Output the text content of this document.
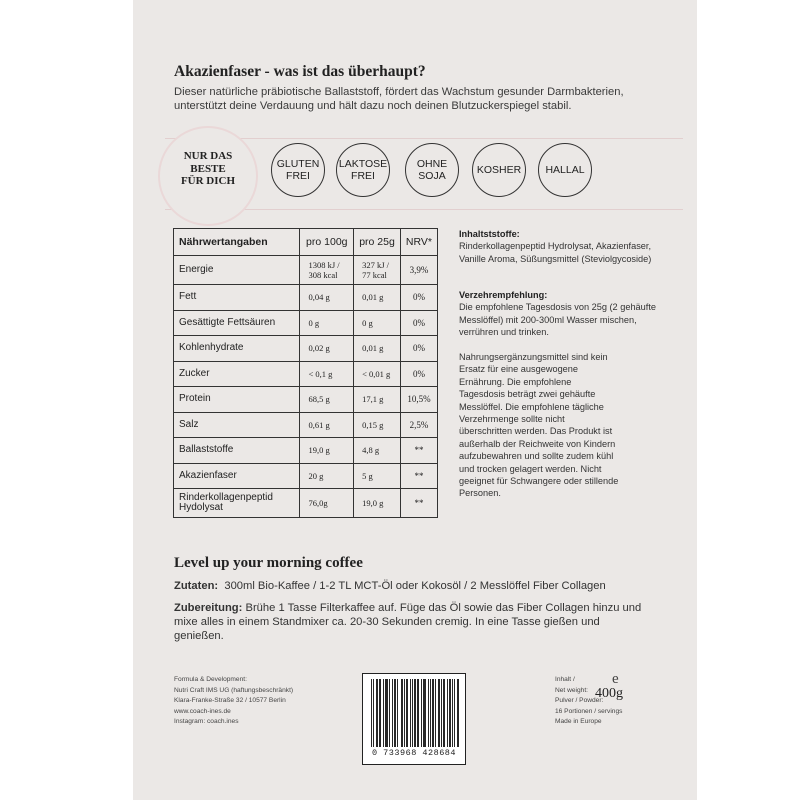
Akazienfaser - was ist das überhaupt?
Dieser natürliche präbiotische Ballaststoff, fördert das Wachstum gesunder Darmbakterien, unterstützt deine Verdauung und hält dazu noch deinen Blutzuckerspiegel stabil.
NUR DAS
BESTE
FÜR DICH
GLUTEN
FREI
LAKTOSE
FREI
OHNE
SOJA	KOSHER HALLAL
Nährwertangaben	pro 100g	pro 25g	NRV*
Energie	1308 kJ / 308 kcal	327 kJ / 77 kcal	3,9%
Fett	0,04 g	0,01 g	0%
Gesättigte Fettsäuren	0 g	0 g	0%
Kohlenhydrate	0,02 g	0,01 g	0%
Zucker	< 0,1 g	< 0,01 g	0%
Protein	68,5 g	17,1 g	10,5%
Salz	0,61 g	0,15 g	2,5%
Ballaststoffe	19,0 g	4,8 g	**
Akazienfaser	20 g	5 g	**
Rinderkollagenpeptid Hydolysat	76,0g	19,0 g	**
Inhaltststoffe:
Rinderkollagenpeptid Hydrolysat, Akazienfaser, Vanille Aroma, Süßungsmittel (Steviolgycoside)
Verzehrempfehlung:
Die empfohlene Tagesdosis von 25g (2 gehäufte Messlöffel) mit 200-300ml Wasser mischen, verrühren und trinken.
Nahrungsergänzungsmittel sind kein Ersatz für eine ausgewogene Ernährung. Die empfohlene Tagesdosis beträgt zwei gehäufte Messlöffel. Die empfohlene tägliche Verzehrmenge sollte nicht überschritten werden. Das Produkt ist außerhalb der Reichweite von Kindern aufzubewahren und sollte zudem kühl und trocken gelagert werden. Nicht geeignet für Schwangere oder stillende Personen.
Level up your morning coffee
Zutaten: 300ml Bio-Kaffee / 1-2 TL MCT-Öl oder Kokosöl / 2 Messlöffel Fiber Collagen
Zubereitung: Brühe 1 Tasse Filterkaffee auf. Füge das Öl sowie das Fiber Collagen hinzu und mixe alles in einem Standmixer ca. 20-30 Sekunden cremig. In eine Tasse gießen und genießen.
Formula & Development:
Nutri Craft IMS UG (haftungsbeschränkt)
Klara-Franke-Straße 32 / 10577 Berlin
www.coach-ines.de
Instagram: coach.ines
0 733968 428684
Inhalt /
Net weight:
e
400g
Pulver / Powder:
16 Portionen / servings
Made in Europe
